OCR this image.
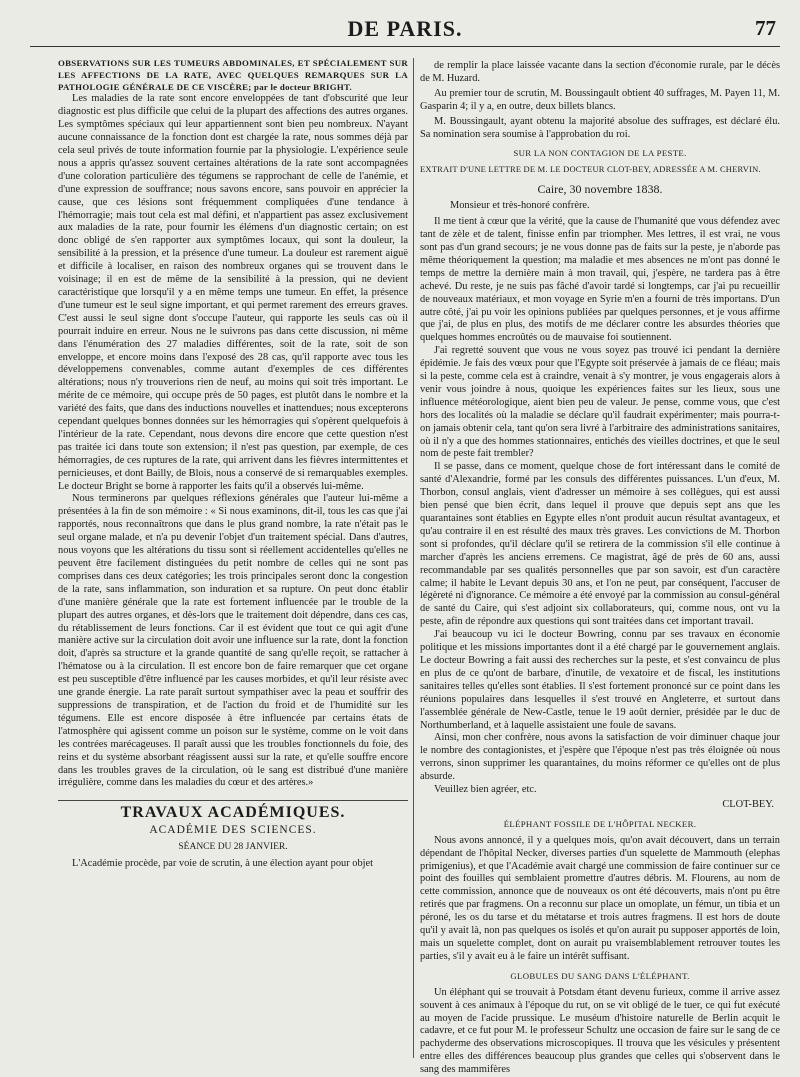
DE PARIS.	77

OBSERVATIONS SUR LES TUMEURS ABDOMINALES, ET SPÉCIALEMENT SUR LES AFFECTIONS DE LA RATE, AVEC QUELQUES REMARQUES SUR LA PATHOLOGIE GÉNÉRALE DE CE VISCÈRE; par le docteur BRIGHT.

Les maladies de la rate sont encore enveloppées de tant d'obscurité que leur diagnostic est plus difficile que celui de la plupart des affections des autres organes. Les symptômes spéciaux qui leur appartiennent sont bien peu nombreux. N'ayant aucune connaissance de la fonction dont est chargée la rate, nous sommes déjà par cela seul privés de toute information fournie par la physiologie. L'expérience seule nous a appris qu'assez souvent certaines altérations de la rate sont accompagnées d'une coloration particulière des tégumens se rapprochant de celle de l'anémie, et d'une expression de souffrance; nous savons encore, sans pouvoir en apprécier la cause, que ces lésions sont fréquemment compliquées d'une tendance à l'hémorragie; mais tout cela est mal défini, et n'appartient pas assez exclusivement aux maladies de la rate, pour fournir les élémens d'un diagnostic certain; on est donc obligé de s'en rapporter aux symptômes locaux, qui sont la douleur, la sensibilité à la pression, et la présence d'une tumeur. La douleur est rarement aiguë et difficile à localiser, en raison des nombreux organes qui se trouvent dans le voisinage; il en est de même de la sensibilité à la pression, qui ne devient caractéristique que lorsqu'il y a en même temps une tumeur. En effet, la présence d'une tumeur est le seul signe important, et qui permet rarement des erreurs graves. C'est aussi le seul signe dont s'occupe l'auteur, qui rapporte les seuls cas où il pourrait induire en erreur. Nous ne le suivrons pas dans cette discussion, ni même dans l'énumération des 27 maladies différentes, soit de la rate, soit de son enveloppe, et encore moins dans l'exposé des 28 cas, qu'il rapporte avec tous les développemens convenables, comme autant d'exemples de ces différentes altérations; nous n'y trouverions rien de neuf, au moins qui soit très important. Le mérite de ce mémoire, qui occupe près de 50 pages, est plutôt dans le nombre et la variété des faits, que dans des inductions nouvelles et inattendues; nous excepterons cependant quelques bonnes données sur les hémorragies qui s'opèrent quelquefois à l'intérieur de la rate. Cependant, nous devons dire encore que cette question n'est pas traitée ici dans toute son extension; il n'est pas question, par exemple, de ces hémorragies, de ces ruptures de la rate, qui arrivent dans les fièvres intermittentes et pernicieuses, et dont Bailly, de Blois, nous a conservé de si remarquables exemples. Le docteur Bright se borne à rapporter les faits qu'il a observés lui-même.

Nous terminerons par quelques réflexions générales que l'auteur lui-même a présentées à la fin de son mémoire : « Si nous examinons, dit-il, tous les cas que j'ai rapportés, nous reconnaîtrons que dans le plus grand nombre, la rate n'était pas le seul organe malade, et n'a pu devenir l'objet d'un traitement spécial. Dans d'autres, nous voyons que les altérations du tissu sont si réellement accidentelles qu'elles ne peuvent être facilement distinguées du petit nombre de celles qui ne sont pas comprises dans ces deux catégories; les trois principales seront donc la congestion de la rate, sans inflammation, son induration et sa rupture. On peut donc établir d'une manière générale que la rate est fortement influencée par le trouble de la plupart des autres organes, et dès-lors que le traitement doit dépendre, dans ces cas, du rétablissement de leurs fonctions. Car il est évident que tout ce qui agit d'une manière active sur la circulation doit avoir une influence sur la rate, dont la fonction doit, d'après sa structure et la grande quantité de sang qu'elle reçoit, se rattacher à l'hématose ou à la circulation. Il est encore bon de faire remarquer que cet organe est peu susceptible d'être influencé par les causes morbides, et qu'il leur résiste avec une grande énergie. La rate paraît surtout sympathiser avec la peau et souffrir des suppressions de transpiration, et de l'action du froid et de l'humidité sur les tégumens. Elle est encore disposée à être influencée par certains états de l'atmosphère qui agissent comme un poison sur le système, comme on le voit dans les contrées marécageuses. Il paraît aussi que les troubles fonctionnels du foie, des reins et du système absorbant réagissent aussi sur la rate, et qu'elle souffre encore dans les troubles graves de la circulation, où le sang est distribué d'une manière irrégulière, comme dans les maladies du cœur et des artères.»

TRAVAUX ACADÉMIQUES.
ACADÉMIE DES SCIENCES.
SÉANCE DU 28 JANVIER.

L'Académie procède, par voie de scrutin, à une élection ayant pour objet

de remplir la place laissée vacante dans la section d'économie rurale, par le décès de M. Huzard.

Au premier tour de scrutin, M. Boussingault obtient 40 suffrages, M. Payen 11, M. Gasparin 4; il y a, en outre, deux billets blancs.

M. Boussingault, ayant obtenu la majorité absolue des suffrages, est déclaré élu. Sa nomination sera soumise à l'approbation du roi.

SUR LA NON CONTAGION DE LA PESTE.

EXTRAIT D'UNE LETTRE DE M. LE DOCTEUR CLOT-BEY, ADRESSÉE A M. CHERVIN.

Caire, 30 novembre 1838.

Monsieur et très-honoré confrère.

Il me tient à cœur que la vérité, que la cause de l'humanité que vous défendez avec tant de zèle et de talent, finisse enfin par triompher. Mes lettres, il est vrai, ne vous sont pas d'un grand secours; je ne vous donne pas de faits sur la peste, je n'aborde pas même théoriquement la question; ma maladie et mes absences ne m'ont pas donné le temps de mettre la dernière main à mon travail, qui, j'espère, ne tardera pas à être achevé. Du reste, je ne suis pas fâché d'avoir tardé si longtemps, car j'ai pu recueillir de nouveaux matériaux, et mon voyage en Syrie m'en a fourni de très importans. D'un autre côté, j'ai pu voir les opinions publiées par quelques personnes, et je vous affirme que j'ai, de plus en plus, des motifs de me déclarer contre les absurdes théories que quelques hommes encroûtés ou de mauvaise foi soutiennent.

J'ai regretté souvent que vous ne vous soyez pas trouvé ici pendant la dernière épidémie. Je fais des vœux pour que l'Egypte soit préservée à jamais de ce fléau; mais si la peste, comme cela est à craindre, venait à s'y montrer, je vous engagerais alors à venir vous joindre à nous, quoique les expériences faites sur les lieux, sous une influence météorologique, aient bien peu de valeur. Je pense, comme vous, que c'est hors des localités où la maladie se déclare qu'il faudrait expérimenter; mais pourra-t-on jamais obtenir cela, tant qu'on sera livré à l'arbitraire des administrations sanitaires, où il n'y a que des hommes stationnaires, entichés des vieilles doctrines, et que le seul nom de peste fait trembler?

Il se passe, dans ce moment, quelque chose de fort intéressant dans le comité de santé d'Alexandrie, formé par les consuls des différentes puissances. L'un d'eux, M. Thorbon, consul anglais, vient d'adresser un mémoire à ses collègues, qui est aussi bien pensé que bien écrit, dans lequel il prouve que depuis sept ans que les quarantaines sont établies en Egypte elles n'ont produit aucun résultat avantageux, et qu'au contraire il en est résulté des maux très graves. Les convictions de M. Thorbon sont si profondes, qu'il déclare qu'il se retirera de la commission s'il elle continue à marcher d'après les anciens erremens. Ce magistrat, âgé de près de 60 ans, aussi recommandable par ses qualités personnelles que par son savoir, est d'un caractère calme; il habite le Levant depuis 30 ans, et l'on ne peut, par conséquent, l'accuser de légèreté ni d'ignorance. Ce mémoire a été envoyé par la commission au consul-général de santé du Caire, qui s'est adjoint six collaborateurs, qui, comme nous, ont vu la peste, afin de répondre aux questions qui sont traitées dans cet important travail.

J'ai beaucoup vu ici le docteur Bowring, connu par ses travaux en économie politique et les missions importantes dont il a été chargé par le gouvernement anglais. Le docteur Bowring a fait aussi des recherches sur la peste, et s'est convaincu de plus en plus de ce qu'ont de barbare, d'inutile, de vexatoire et de fiscal, les institutions sanitaires telles qu'elles sont établies. Il s'est fortement prononcé sur ce point dans les réunions populaires dans lesquelles il s'est trouvé en Angleterre, et surtout dans l'assemblée générale de New-Castle, tenue le 19 août dernier, présidée par le duc de Northumberland, et à laquelle assistaient une foule de savans.

Ainsi, mon cher confrère, nous avons la satisfaction de voir diminuer chaque jour le nombre des contagionistes, et j'espère que l'époque n'est pas très éloignée où nous verrons, sinon supprimer les quarantaines, du moins réformer ce qu'elles ont de plus absurde.

Veuillez bien agréer, etc.

CLOT-BEY.
ÉLÉPHANT FOSSILE DE L'HÔPITAL NECKER.

Nous avons annoncé, il y a quelques mois, qu'on avait découvert, dans un terrain dépendant de l'hôpital Necker, diverses parties d'un squelette de Mammouth (elephas primigenius), et que l'Académie avait chargé une commission de faire continuer sur ce point des fouilles qui semblaient promettre d'autres débris. M. Flourens, au nom de cette commission, annonce que de nouveaux os ont été découverts, mais n'ont pu être retirés que par fragmens. On a reconnu sur place un omoplate, un fémur, un tibia et un péroné, les os du tarse et du métatarse et trois autres fragmens. Il est hors de doute qu'il y avait là, non pas quelques os isolés et qu'on aurait pu supposer apportés de loin, mais un squelette complet, dont on aurait pu vraisemblablement retrouver toutes les parties, s'il y avait eu à le faire un intérêt suffisant.

GLOBULES DU SANG DANS L'ÉLÉPHANT.

Un éléphant qui se trouvait à Potsdam étant devenu furieux, comme il arrive assez souvent à ces animaux à l'époque du rut, on se vit obligé de le tuer, ce qui fut exécuté au moyen de l'acide prussique. Le muséum d'histoire naturelle de Berlin acquit le cadavre, et ce fut pour M. le professeur Schultz une occasion de faire sur le sang de ce pachyderme des observations microscopiques. Il trouva que les vésicules y présentent entre elles des différences beaucoup plus grandes que celles qui s'observent dans le sang des mammifères
